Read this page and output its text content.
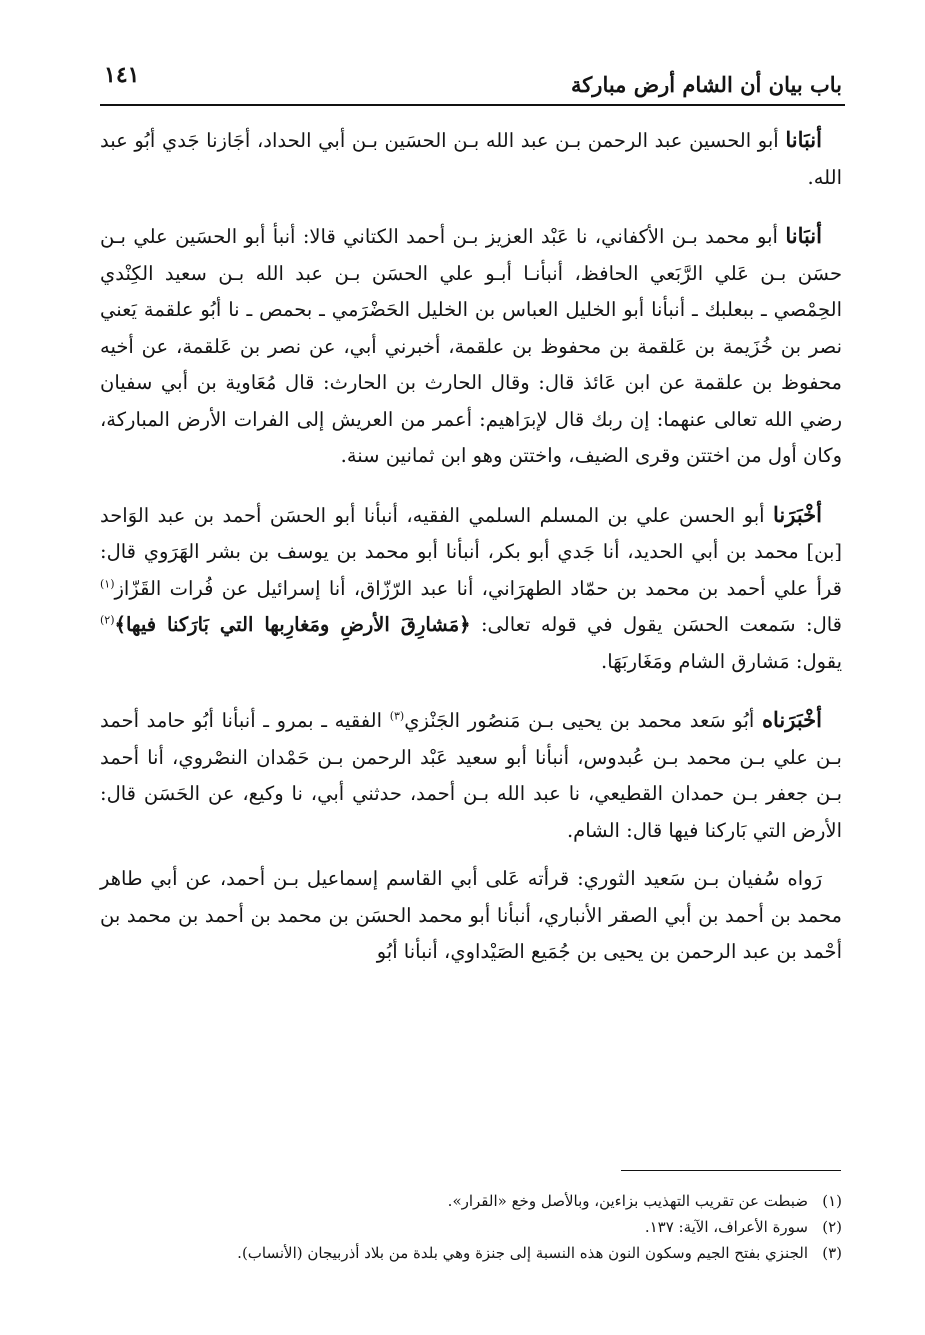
باب بيان أن الشام أرض مباركة
١٤١

أنبَانا أبو الحسين عبد الرحمن بـن عبد الله بـن الحسَين بـن أبي الحداد، أجَازنا جَدي أبُو عبد الله.

أنبَانا أبو محمد بـن الأكفاني، نا عَبْد العزيز بـن أحمد الكتاني قالا: أنبأ أبو الحسَين علي بـن حسَن بـن عَلي الرَّبَعي الحافظ، أنبأنـا أبـو علي الحسَن بـن عبد الله بـن سعيد الكِنْدي الحِمْصي ـ ببعلبك ـ أنبأنا أبو الخليل العباس بن الخليل الحَضْرَمي ـ بحمص ـ نا أبُو علقمة يَعني نصر بن خُزَيمة بن عَلقمة بن محفوظ بن علقمة، أخبرني أبي، عن نصر بن عَلقمة، عن أخيه محفوظ بن علقمة عن ابن عَائذ قال: وقال الحارث بن الحارث: قال مُعَاوية بن أبي سفيان رضي الله تعالى عنهما: إن ربك قال لإبرَاهيم: أعمر من العريش إلى الفرات الأرض المباركة، وكان أول من اختتن وقرى الضيف، واختتن وهو ابن ثمانين سنة.

أخْبَرَنا أبو الحسن علي بن المسلم السلمي الفقيه، أنبأنا أبو الحسَن أحمد بن عبد الوَاحد [بن] محمد بن أبي الحديد، أنا جَدي أبو بكر، أنبأنا أبو محمد بن يوسف بن بشر الهَرَوي قال: قرأ علي أحمد بن محمد بن حمّاد الطهرَاني، أنا عبد الرّزّاق، أنا إسرائيل عن فُرات القَزّاز$^{(١)}$ قال: سَمعت الحسَن يقول في قوله تعالى: ﴿مَشارِقَ الأرضِ ومَغارِبها التي بَارَكنا فيها﴾$^{(٢)}$ يقول: مَشارق الشام ومَغَاربَهَا.

أخْبَرَناه أبُو سَعد محمد بن يحيى بـن مَنصُور الجَنْزي$^{(٣)}$ الفقيه ـ بمرو ـ أنبأنا أبُو حامد أحمد بـن علي بـن محمد بـن عُبدوس، أنبأنا أبو سعيد عَبْد الرحمن بـن حَمْدان النصْروي، أنا أحمد بـن جعفر بـن حمدان القطيعي، نا عبد الله بـن أحمد، حدثني أبي، نا وكيع، عن الحَسَن قال: الأرض التي بَاركنا فيها قال: الشام.

رَواه سُفيان بـن سَعيد الثوري: قرأته عَلى أبي القاسم إسماعيل بـن أحمد، عن أبي طاهر محمد بن أحمد بن أبي الصقر الأنباري، أنبأنا أبو محمد الحسَن بن محمد بن أحمد بن محمد بن أحْمد بن عبد الرحمن بن يحيى بن جُمَيع الصَيْداوي، أنبأنا أبُو

(١)ضبطت عن تقريب التهذيب بزاءين، وبالأصل وخع «القرار».

(٢)سورة الأعراف، الآية: ١٣٧.

(٣)الجنزي بفتح الجيم وسكون النون هذه النسبة إلى جنزة وهي بلدة من بلاد أذربيجان (الأنساب).
